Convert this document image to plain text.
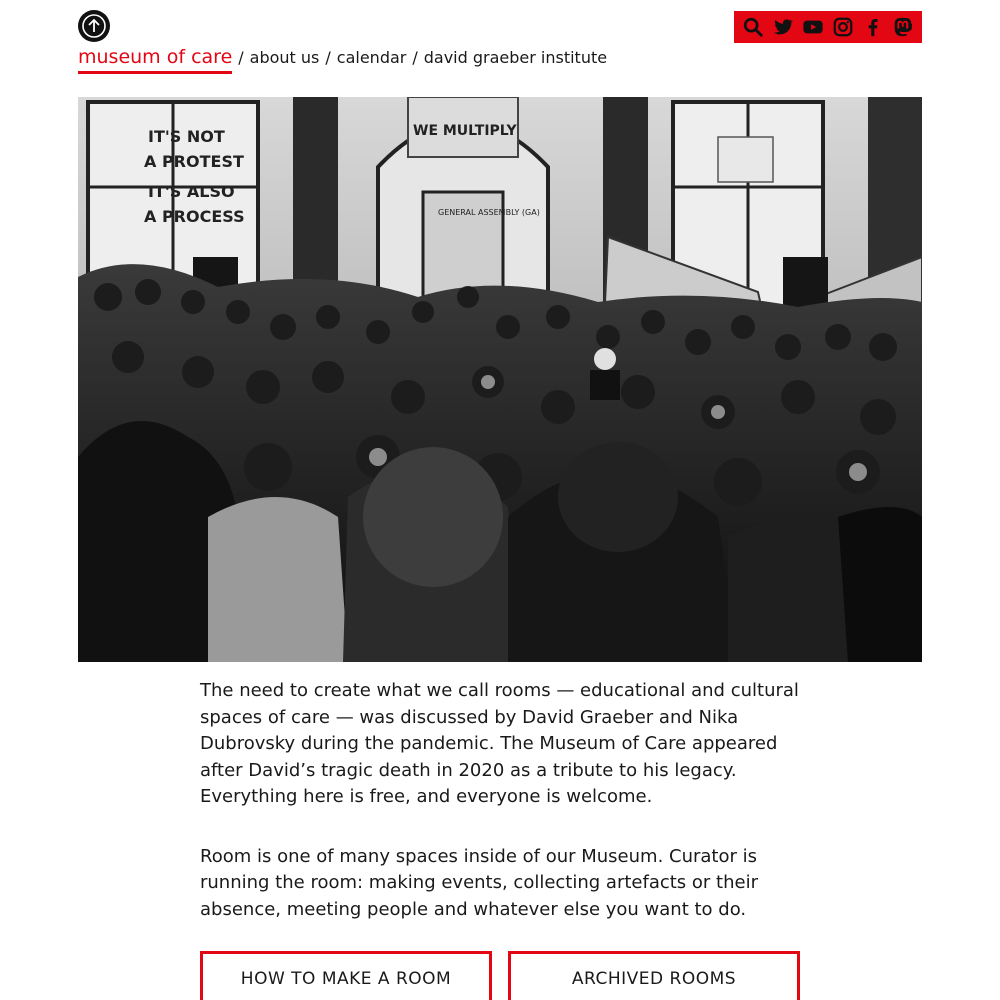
museum of care / about us / calendar / david graeber institute
IT'S NOT
A PROTEST
IT'S ALSO
A PROCESS
WE MULTIPLY
GENERAL ASSEMBLY (GA)

The need to create what we call rooms — educational and cultural spaces of care — was discussed by David Graeber and Nika Dubrovsky during the pandemic. The Museum of Care appeared after David’s tragic death in 2020 as a tribute to his legacy. Everything here is free, and everyone is welcome.

Room is one of many spaces inside of our Museum. Curator is running the room: making events, collecting artefacts or their absence, meeting people and whatever else you want to do.

HOW TO MAKE A ROOM	ARCHIVED ROOMS
